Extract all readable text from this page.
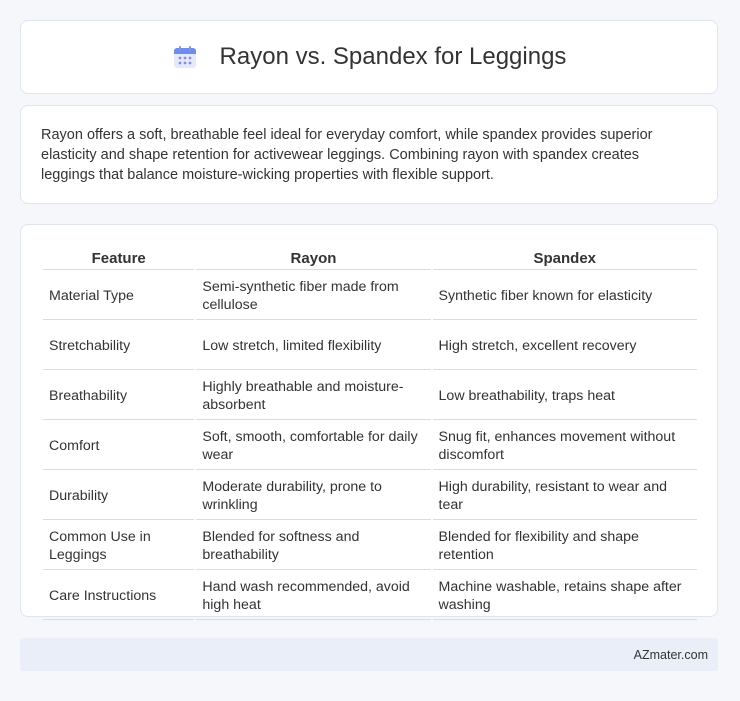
Rayon vs. Spandex for Leggings

Rayon offers a soft, breathable feel ideal for everyday comfort, while spandex provides superior elasticity and shape retention for activewear leggings. Combining rayon with spandex creates leggings that balance moisture-wicking properties with flexible support.

Feature	Rayon	Spandex
Material Type	Semi-synthetic fiber made from cellulose	Synthetic fiber known for elasticity
Stretchability	Low stretch, limited flexibility	High stretch, excellent recovery
Breathability	Highly breathable and moisture-absorbent	Low breathability, traps heat
Comfort	Soft, smooth, comfortable for daily wear	Snug fit, enhances movement without discomfort
Durability	Moderate durability, prone to wrinkling	High durability, resistant to wear and tear
Common Use in Leggings	Blended for softness and breathability	Blended for flexibility and shape retention
Care Instructions	Hand wash recommended, avoid high heat	Machine washable, retains shape after washing
AZmater.com
